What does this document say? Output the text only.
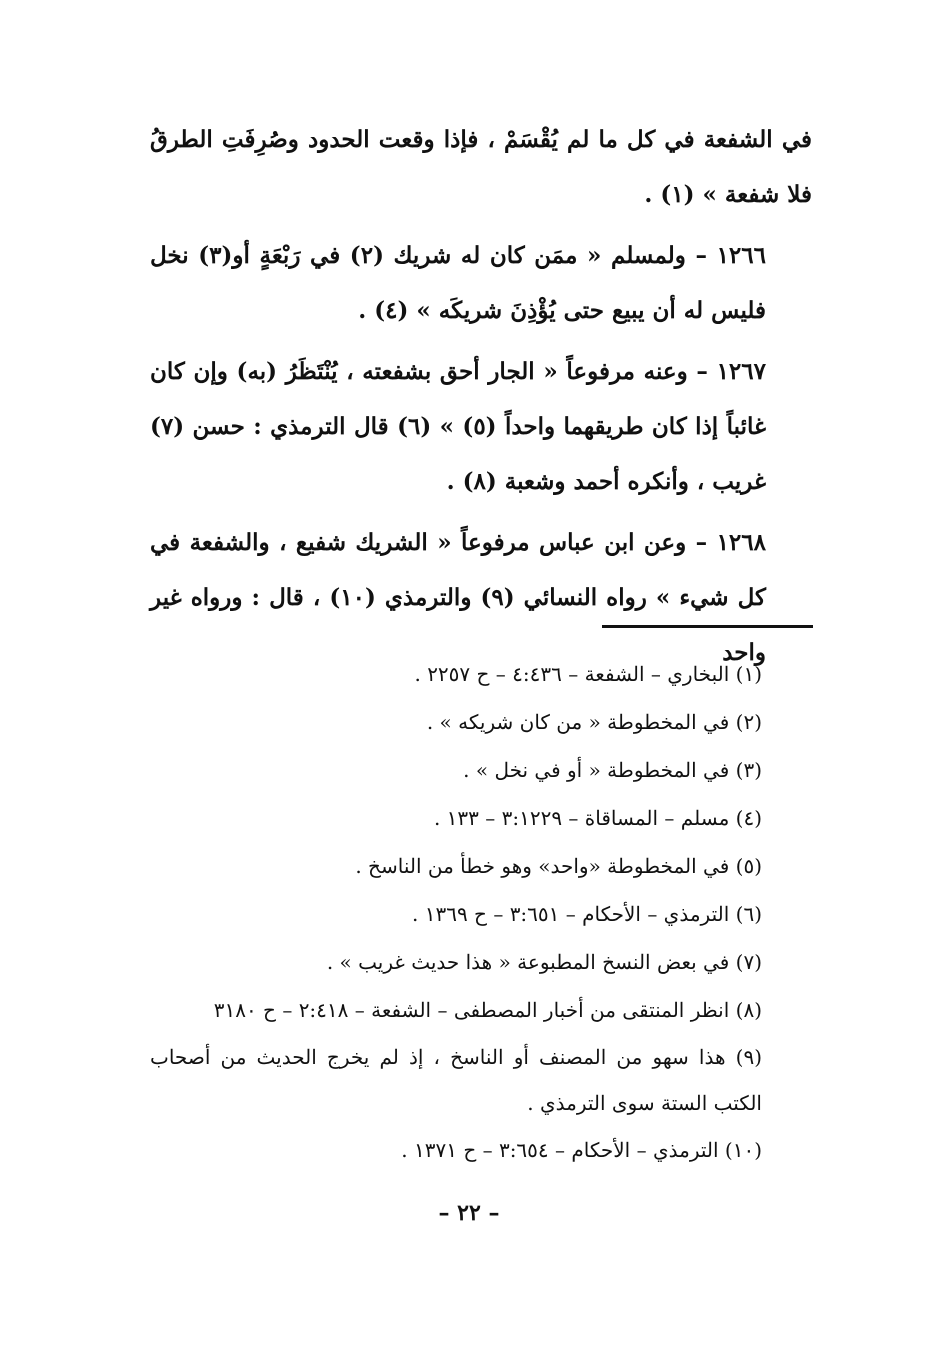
في الشفعة في كل ما لم يُقْسَمْ ، فإذا وقعت الحدود وصُرِفَتِ الطرقُ فلا شفعة » (١) .

١٢٦٦ – ولمسلم « ممَن كان له شريك (٢) في رَبْعَةٍ أو(٣) نخل فليس له أن يبيع حتى يُؤْذِنَ شريكَه » (٤) .

١٢٦٧ – وعنه مرفوعاً « الجار أحق بشفعته ، يُنْتَظَرُ (به) وإن كان غائباً إذا كان طريقهما واحداً (٥) » (٦) قال الترمذي : حسن (٧) غريب ، وأنكره أحمد وشعبة (٨) .

١٢٦٨ – وعن ابن عباس مرفوعاً « الشريك شفيع ، والشفعة في كل شيء » رواه النسائي (٩) والترمذي (١٠) ، قال : ورواه غير واحد

(١) البخاري – الشفعة – ٤:٤٣٦ – ح ٢٢٥٧ .

(٢) في المخطوطة « من كان شريكه » .

(٣) في المخطوطة « أو في نخل » .

(٤) مسلم – المساقاة – ٣:١٢٢٩ – ١٣٣ .

(٥) في المخطوطة «واحد» وهو خطأ من الناسخ .

(٦) الترمذي – الأحكام – ٣:٦٥١ – ح ١٣٦٩ .

(٧) في بعض النسخ المطبوعة « هذا حديث غريب » .

(٨) انظر المنتقى من أخبار المصطفى – الشفعة – ٢:٤١٨ – ح ٣١٨٠

(٩) هذا سهو من المصنف أو الناسخ ، إذ لم يخرج الحديث من أصحاب الكتب الستة سوى الترمذي .

(١٠) الترمذي – الأحكام – ٣:٦٥٤ – ح ١٣٧١ .

– ٢٢ –
